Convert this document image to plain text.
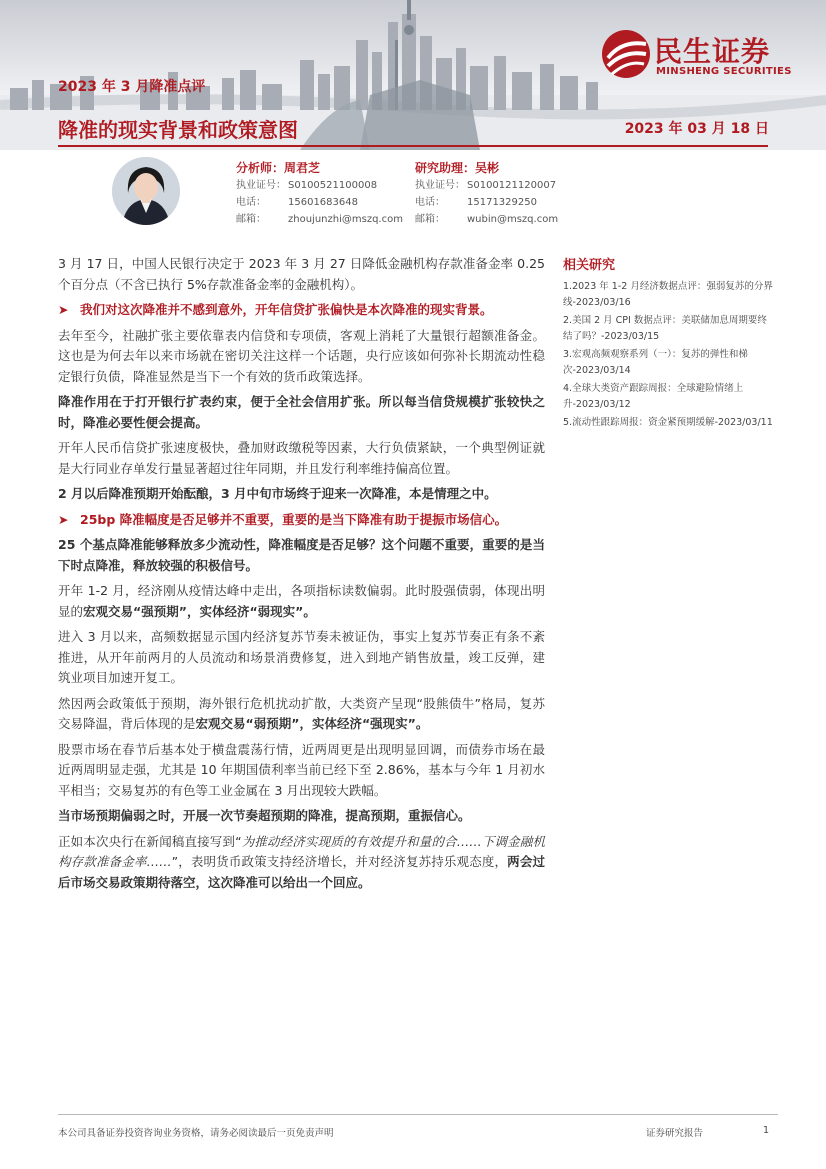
民生证券
MINSHENG SECURITIES
2023 年 3 月降准点评
降准的现实背景和政策意图	2023 年 03 月 18 日
分析师：周君芝
执业证号： S0100521100008
电话：	15601683648
邮箱：	zhoujunzhi@mszq.com
研究助理：吴彬
执业证号： S0100121120007
电话：	15171329250
邮箱：	wubin@mszq.com

3 月 17 日，中国人民银行决定于 2023 年 3 月 27 日降低金融机构存款准备金率 0.25 个百分点（不含已执行 5%存款准备金率的金融机构）。

➤ 我们对这次降准并不感到意外，开年信贷扩张偏快是本次降准的现实背景。

去年至今，社融扩张主要依靠表内信贷和专项债，客观上消耗了大量银行超额准备金。这也是为何去年以来市场就在密切关注这样一个话题，央行应该如何弥补长期流动性稳定银行负债，降准显然是当下一个有效的货币政策选择。

降准作用在于打开银行扩表约束，便于全社会信用扩张。所以每当信贷规模扩张较快之时，降准必要性便会提高。

开年人民币信贷扩张速度极快，叠加财政缴税等因素，大行负债紧缺，一个典型例证就是大行同业存单发行量显著超过往年同期，并且发行利率维持偏高位置。

2 月以后降准预期开始酝酿，3 月中旬市场终于迎来一次降准，本是情理之中。

➤ 25bp 降准幅度是否足够并不重要，重要的是当下降准有助于提振市场信心。

25 个基点降准能够释放多少流动性，降准幅度是否足够？这个问题不重要，重要的是当下时点降准，释放较强的积极信号。

开年 1-2 月，经济刚从疫情达峰中走出，各项指标读数偏弱。此时股强债弱，体现出明显的宏观交易“强预期”，实体经济“弱现实”。

进入 3 月以来，高频数据显示国内经济复苏节奏未被证伪，事实上复苏节奏正有条不紊推进，从开年前两月的人员流动和场景消费修复，进入到地产销售放量，竣工反弹，建筑业项目加速开复工。

然因两会政策低于预期，海外银行危机扰动扩散，大类资产呈现“股熊债牛”格局，复苏交易降温，背后体现的是宏观交易“弱预期”，实体经济“强现实”。

股票市场在春节后基本处于横盘震荡行情，近两周更是出现明显回调，而债券市场在最近两周明显走强，尤其是 10 年期国债利率当前已经下至 2.86%，基本与今年 1 月初水平相当；交易复苏的有色等工业金属在 3 月出现较大跌幅。

当市场预期偏弱之时，开展一次节奏超预期的降准，提高预期，重振信心。

正如本次央行在新闻稿直接写到“为推动经济实现质的有效提升和量的合……下调金融机构存款准备金率……”，表明货币政策支持经济增长，并对经济复苏持乐观态度，两会过后市场交易政策期待落空，这次降准可以给出一个回应。

相关研究
1.2023 年 1-2 月经济数据点评：强弱复苏的分界线-2023/03/16
2.美国 2 月 CPI 数据点评：美联储加息周期要终结了吗？-2023/03/15
3.宏观高频观察系列（一）：复苏的弹性和梯次-2023/03/14
4.全球大类资产跟踪周报：全球避险情绪上升-2023/03/12
5.流动性跟踪周报：资金紧预期缓解-2023/03/11
本公司具备证券投资咨询业务资格，请务必阅读最后一页免责声明	证券研究报告	1
